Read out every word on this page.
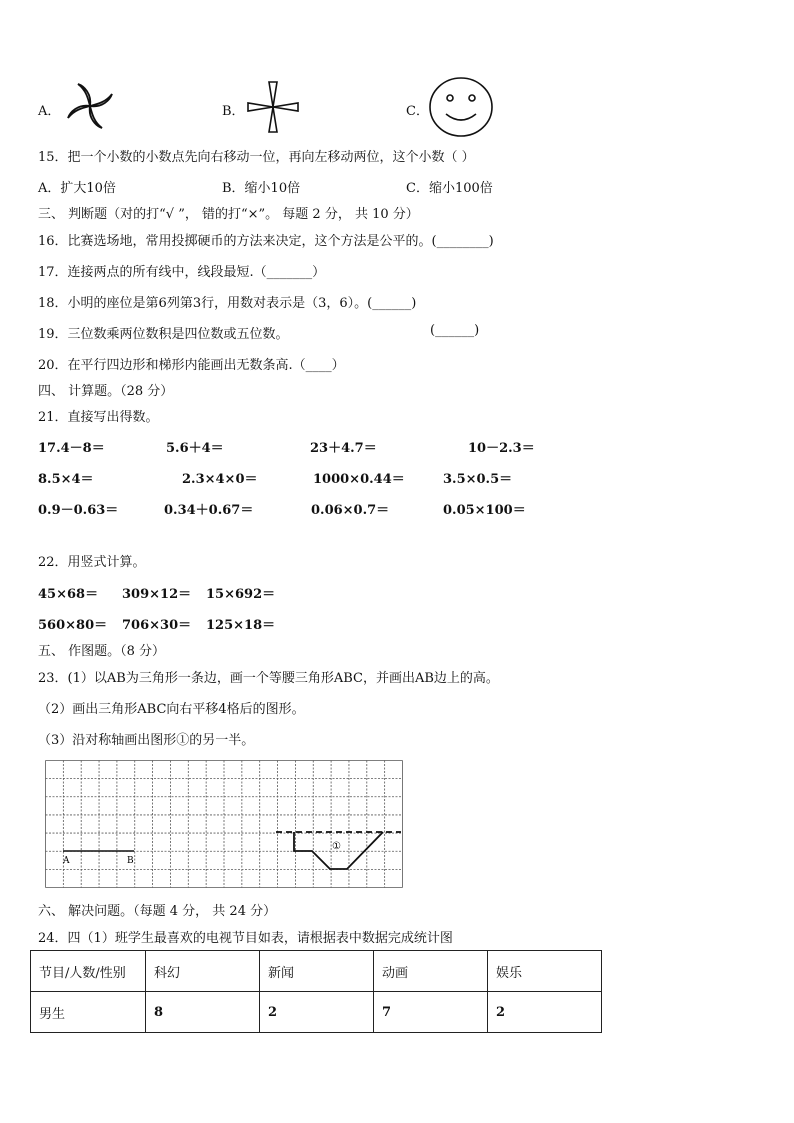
A．	B．	C．
15．把一个小数的小数点先向右移动一位，再向左移动两位，这个小数（ ）
A．扩大10倍	B．缩小10倍	C．缩小100倍
三、 判断题（对的打“√ ”， 错的打“×”。 每题 2 分， 共 10 分）
16．比赛选场地，常用投掷硬币的方法来决定，这个方法是公平的。(________)
17．连接两点的所有线中，线段最短.（_______）
18．小明的座位是第6列第3行，用数对表示是（3，6）。(______)
19．三位数乘两位数积是四位数或五位数。	(______)
20．在平行四边形和梯形内能画出无数条高.（____）
四、 计算题。（28 分）
21．直接写出得数。
17.4－8＝	5.6＋4＝	23＋4.7＝	10－2.3＝
8.5×4＝	2.3×4×0＝	1000×0.44＝	3.5×0.5＝
0.9－0.63＝	0.34＋0.67＝	0.06×0.7＝	0.05×100＝
22．用竖式计算。
45×68＝ 309×12＝ 15×692＝
560×80＝ 706×30＝ 125×18＝
五、 作图题。（8 分）
23．(1）以AB为三角形一条边，画一个等腰三角形ABC，并画出AB边上的高。
（2）画出三角形ABC向右平移4格后的图形。
（3）沿对称轴画出图形①的另一半。
A	B
①
六、 解决问题。（每题 4 分， 共 24 分）
24．四（1）班学生最喜欢的电视节目如表，请根据表中数据完成统计图
节目/人数/性别	科幻	新闻	动画	娱乐
男生	8	2	7	2
